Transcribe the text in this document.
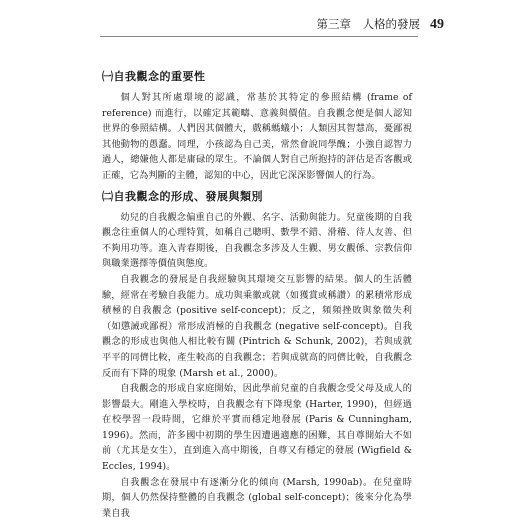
第三章　人格的發展 49
㈠自我觀念的重要性

個人對其所處環境的認識，常基於其特定的參照結構 (frame of reference) 而進行，以確定其範疇、意義與價值。自我觀念便是個人認知世界的參照結構。人們因其個體大，戲稱螞蟻小；人類因其智慧高，憂鄙視其他動物的愚蠢。同理，小孩認為自己美，常然會說同學醜；小強自認智力過人，總嫌他人都是庸碌的眾生。不論個人對自己所抱持的評估是否客觀或正確，它為判斷的主體，認知的中心，因此它深深影響個人的行為。

㈡自我觀念的形成、發展與類別

幼兒的自我觀念偏重自己的外觀、名字、活動與能力。兒童後期的自我觀念往重個人的心理特質，如稱自己聰明、數學不錯、滑稽、待人友善、但不夠用功等。進入青春期後，自我觀念多涉及人生觀、男女觀係、宗教信仰與職業選擇等價值與態度。

自我觀念的發展是自我經驗與其環境交互影響的結果。個人的生活體驗，經常在考驗自我能力。成功與乘徽或就（如獲賞或稱讚）的累積常形成積極的自我觀念 (positive self-concept)；反之，頻頻挫敗與象徵失利（如懲誡或鄙視）常形成消極的自我觀念 (negative self-concept)。自我觀念的形成也與他人相比較有關 (Pintrich & Schunk, 2002)，若與成就平平的同儕比較，產生較高的自我觀念；若與成就高的同儕比較，自我觀念反而有下降的現象 (Marsh et al., 2000)。

自我觀念的形成自家庭開始，因此學前兒童的自我觀念受父母及成人的影響最大。剛進入學校時，自我觀念有下降現象 (Harter, 1990)，但經過在校學習一段時間，它維於平實而穩定地發展 (Paris & Cunningham, 1996)。然而，許多國中初期的學生因遭遇適應的困難，其自尊開始大不如前（尤其是女生），直到進入高中期後，自尊又有穩定的發展 (Wigfield & Eccles, 1994)。

自我觀念在發展中有逐漸分化的傾向 (Marsh, 1990ab)。在兒童時期，個人仍然保持整體的自我觀念 (global self-concept)；後來分化為學業自我
